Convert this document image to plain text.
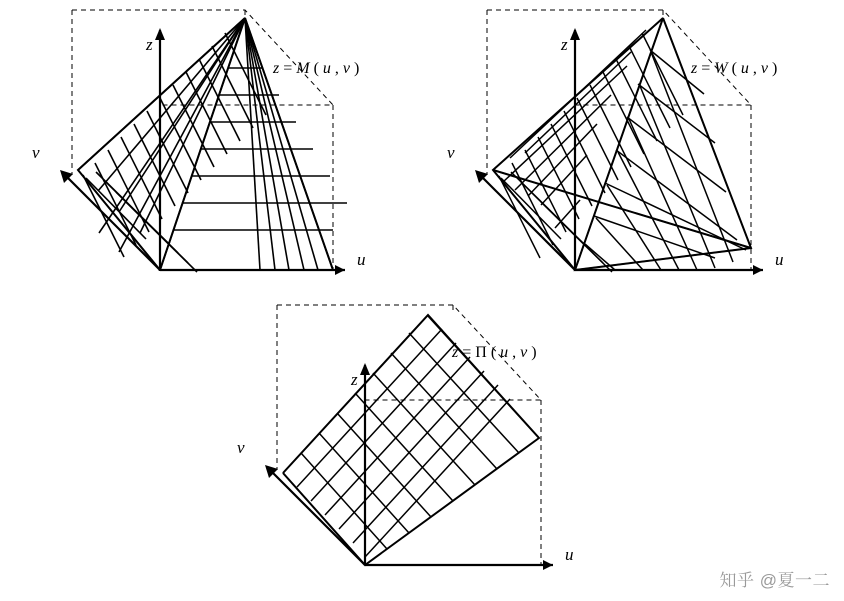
z
u
v
z = M ( u , v )
z
u
v
z = W ( u , v )
z
u
v
z = Π ( u , v )
知乎 @夏一二
